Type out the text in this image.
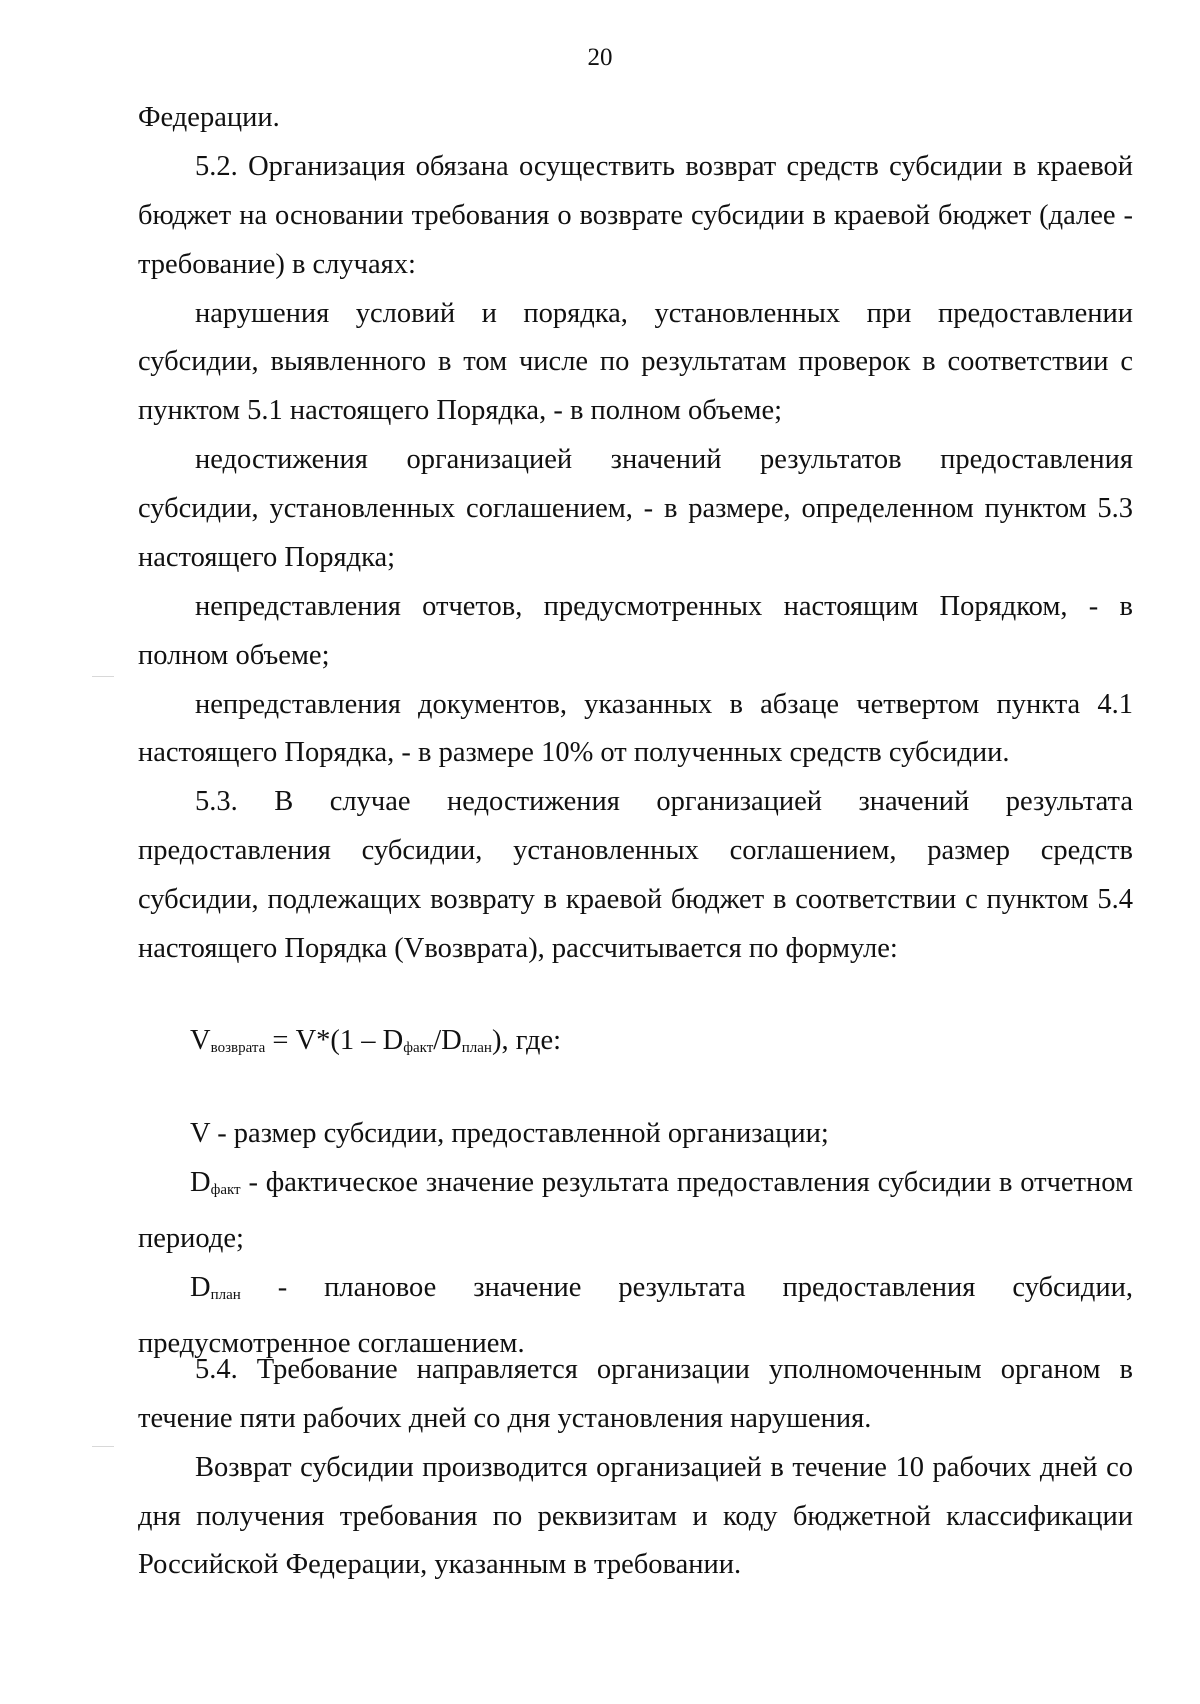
20

Федерации.

5.2. Организация обязана осуществить возврат средств субсидии в краевой бюджет на основании требования о возврате субсидии в краевой бюджет (далее - требование) в случаях:

нарушения условий и порядка, установленных при предоставлении субсидии, выявленного в том числе по результатам проверок в соответствии с пунктом 5.1 настоящего Порядка, - в полном объеме;

недостижения организацией значений результатов предоставления субсидии, установленных соглашением, - в размере, определенном пунктом 5.3 настоящего Порядка;

непредставления отчетов, предусмотренных настоящим Порядком, - в полном объеме;

непредставления документов, указанных в абзаце четвертом пункта 4.1 настоящего Порядка, - в размере 10% от полученных средств субсидии.

5.3. В случае недостижения организацией значений результата предоставления субсидии, установленных соглашением, размер средств субсидии, подлежащих возврату в краевой бюджет в соответствии с пунктом 5.4 настоящего Порядка (Vвозврата), рассчитывается по формуле:

$V_{возврата} = V*(1 - D_{факт}/D_{план})$, где:

V - размер субсидии, предоставленной организации;

$D_{факт}$ - фактическое значение результата предоставления субсидии в отчетном периоде;

$D_{план}$ - плановое значение результата предоставления субсидии, предусмотренное соглашением.

5.4. Требование направляется организации уполномоченным органом в течение пяти рабочих дней со дня установления нарушения.

Возврат субсидии производится организацией в течение 10 рабочих дней со дня получения требования по реквизитам и коду бюджетной классификации Российской Федерации, указанным в требовании.
